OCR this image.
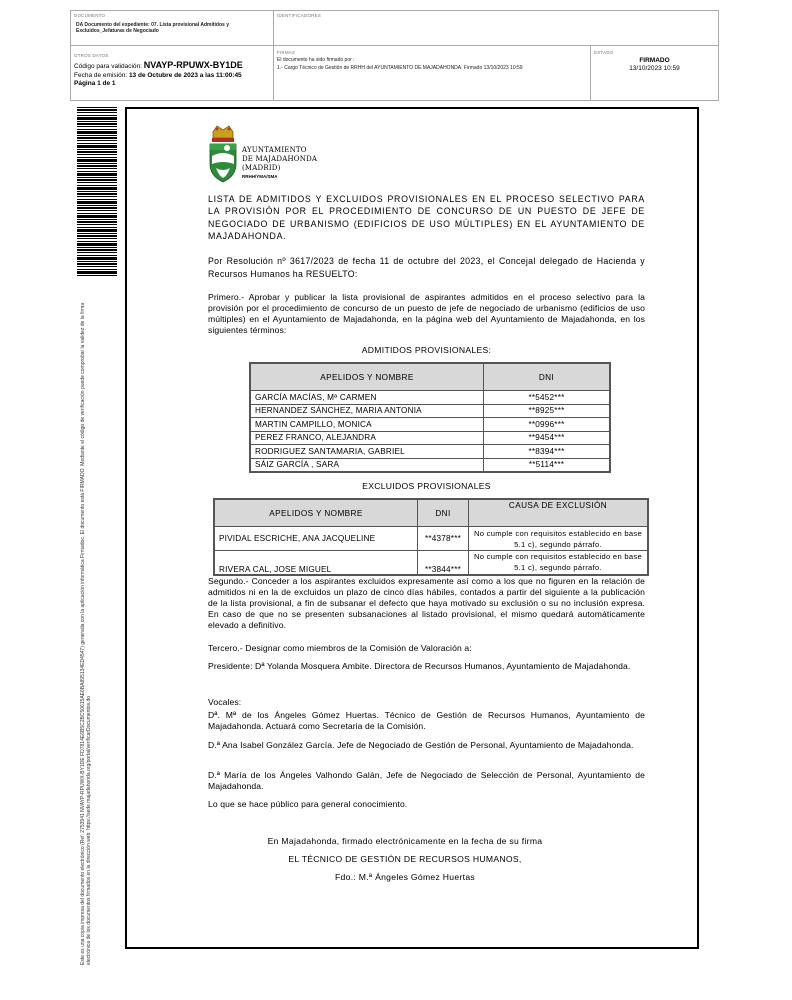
DOCUMENTO
DA Documento del expediente: 07. Lista provisional Admitidos y Excluidos_Jefaturas de Negociado
IDENTIFICADORES
OTROS DATOS
Código para validación: NVAYP-RPUWX-BY1DE
Fecha de emisión: 13 de Octubre de 2023 a las 11:00:45
Página 1 de 1
FIRMAS
El documento ha sido firmado por :
1.- Cargo Técnico de Gestión de RRHH del AYUNTAMIENTO DE MAJADAHONDA. Firmado 13/10/2023 10:59
ESTADO
FIRMADO
13/10/2023 10:59
Este es una copia impresa del documento electrónico (Ref: 2753941 NVAYP-RPUWX-BY1DE FD7814E6B5C2BC50615AE6BA895134ED4547) generada con la aplicación informática Firmadoc. El documento está FIRMADO. Mediante el código de verificación puede comprobar la validez de la firma electrónica de los documentos firmados en la dirección web: https://sede.majadahonda.org/portal/verificarDocumentos.do
AYUNTAMIENTO
DE MAJADAHONDA
(MADRID)
RRHH/YMA/SMA
LISTA DE ADMITIDOS Y EXCLUIDOS PROVISIONALES EN EL PROCESO SELECTIVO PARA LA PROVISIÓN POR EL PROCEDIMIENTO DE CONCURSO DE UN PUESTO DE JEFE DE NEGOCIADO DE URBANISMO (EDIFICIOS DE USO MÚLTIPLES) EN EL AYUNTAMIENTO DE MAJADAHONDA.
Por Resolución nº 3617/2023 de fecha 11 de octubre del 2023, el Concejal delegado de Hacienda y Recursos Humanos ha RESUELTO:
Primero.- Aprobar y publicar la lista provisional de aspirantes admitidos en el proceso selectivo para la provisión por el procedimiento de concurso de un puesto de jefe de negociado de urbanismo (edificios de uso múltiples) en el Ayuntamiento de Majadahonda, en la página web del Ayuntamiento de Majadahonda, en los siguientes términos:
ADMITIDOS PROVISIONALES:
APELIDOS Y NOMBRE	DNI
GARCÍA MACÍAS, Mª CARMEN	**5452***
HERNANDEZ SÁNCHEZ, MARIA ANTONIA	**8925***
MARTIN CAMPILLO, MONICA	**0996***
PEREZ FRANCO, ALEJANDRA	**9454***
RODRIGUEZ SANTAMARIA, GABRIEL	**8394***
SÁIZ GARCÍA , SARA	**5114***
EXCLUIDOS PROVISIONALES
APELIDOS Y NOMBRE	DNI	CAUSA DE EXCLUSIÓN
PIVIDAL ESCRICHE, ANA JACQUELINE	**4378***	No cumple con requisitos establecido en base 5.1 c), segundo párrafo.
RIVERA CAL, JOSE MIGUEL	**3844***	No cumple con requisitos establecido en base 5.1 c), segundo párrafo.
Segundo.- Conceder a los aspirantes excluidos expresamente así como a los que no figuren en la relación de admitidos ni en la de excluidos un plazo de cinco días hábiles, contados a partir del siguiente a la publicación de la lista provisional, a fin de subsanar el defecto que haya motivado su exclusión o su no inclusión expresa. En caso de que no se presenten subsanaciones al listado provisional, el mismo quedará automáticamente elevado a definitivo.
Tercero.- Designar como miembros de la Comisión de Valoración a:
Presidente: Dª Yolanda Mosquera Ambite. Directora de Recursos Humanos, Ayuntamiento de Majadahonda.
Vocales:
Dª. Mª de los Ángeles Gómez Huertas. Técnico de Gestión de Recursos Humanos, Ayuntamiento de Majadahonda. Actuará como Secretaria de la Comisión.
D.ª Ana Isabel González García. Jefe de Negociado de Gestión de Personal, Ayuntamiento de Majadahonda.
D.ª María de los Ángeles Valhondo Galán, Jefe de Negociado de Selección de Personal, Ayuntamiento de Majadahonda.
Lo que se hace público para general conocimiento.
En Majadahonda, firmado electrónicamente en la fecha de su firma
EL TÉCNICO DE GESTIÓN DE RECURSOS HUMANOS,
Fdo.: M.ª Ángeles Gómez Huertas
